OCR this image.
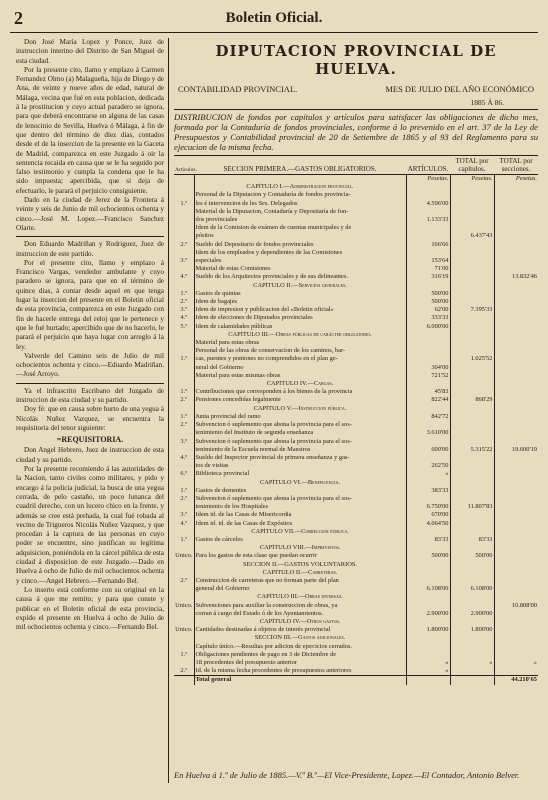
2	Boletin Oficial.

Don José María Lopez y Ponce, Juez de instruccion interino del Distrito de San Miguel de esta ciudad.

Por la presente cito, llamo y emplazo á Carmen Fernandez Olmo (a) Malagueña, hija de Diego y de Ana, de veinte y nueve años de edad, natural de Málaga, vecina que fué en esta poblacion, dedicada á la prostitucion y cuyo actual paradero se ignora, para que deberá encontrarse en alguna de las casas de lenocinio de Sevilla, Huelva ó Málaga, á fin de que dentro del término de diez dias, contados desde el de la insercion de la presente en la Gaceta de Madrid, comparezca en este Juzgado á oir la sentencia recaida en causa que se le ha seguido por falso testimonio y cumpla la condena que le ha sido impuesta; apercibida, que si deja de efectuarlo, le parará el perjuicio consiguiente.

Dado en la ciudad de Jerez de la Frontera á veinte y seis de Junio de mil ochocientos ochenta y cinco.—José M. Lopez.—Francisco Sanchez Olarte.

Don Eduardo Madriñan y Rodriguez, Juez de instruccion de este partido.

Por el presente cito, llamo y emplazo á Francisco Vargas, vendedor ambulante y cuyo paradero se ignora, para que en el término de quince dias, á contar desde aquel en que tenga lugar la insercion del presente en el Boletin oficial de esta provincia, comparezca en este Juzgado con fin de hacerle entrega del reloj que le pertenece y que le fué hurtado; apercibido que de no hacerlo, le parará el perjuicio que haya lugar con arreglo á la ley.

Valverde del Camino seis de Julio de mil ochocientos ochenta y cinco.—Eduardo Madriñan.—José Arroyo.

Ya el infrascrito Escribano del Juzgado de instruccion de esta ciudad y su partido.

Doy fé: que en causa sobre hurto de una yegua á Nicolás Nuñez Vazquez, se encuentra la requisitoria del tenor siguiente:

=REQUISITORIA.

Don Angel Hebrero, Juez de instruccion de esta ciudad y su partido.

Por la presente recomiendo á las autoridades de la Nacion, tanto civiles como militares, y pido y encargo á la policía judicial, la busca de una yegua cerrada, de pelo castaño, un poco lunanca del cuadril derecho, con un lucero chico en la frente, y además se cree está prehada, la cual fué robada al vecino de Trigueros Nicolás Nuñez Vazquez, y que procedan á la captura de las personas en cuyo poder se encuentre, sino justifican su legítima adquisicion, poniéndola en la cárcel pública de esta ciudad á disposicion de este Juzgado.—Dado en Huelva á ocho de Julio de mil ochocientos ochenta y cinco.—Angel Hebrero.—Fernando Bel.

Lo inserto está conforme con su original en la causa á que me remito; y para que conste y publicar en el Boletin oficial de esta provincia, expido el presente en Huelva á ocho de Julio de mil ochocientos ochenta y cinco.—Fernando Bel.

DIPUTACION PROVINCIAL DE HUELVA.
CONTABILIDAD PROVINCIAL.	MES DE JULIO DEL AÑO ECONÓMICO
1885 Á 86.
DISTRIBUCION de fondos por capítulos y artículos para satisfacer las obligaciones de dicho mes, formada por la Contaduría de fondos provinciales, conforme á lo prevenido en el art. 37 de la Ley de Presupuestos y Contabilidad provincial de 20 de Setiembre de 1865 y al 93 del Reglamento para su ejecucion de la misma fecha.
Artículos.	SECCION PRIMERA.—GASTOS OBLIGATORIOS.	ARTÍCULOS.	TOTAL por capítulos.	TOTAL por secciones.
		Pesetas.	Pesetas.	Pesetas.
	CAPÍTULO I.—Administracion provincial.			
	Personal de la Diputacion y Contaduría de fondos provincia-			
1.º	les é intervencion de les Ses. Delegados	4.596'00		
	Material de la Diputacion, Contaduría y Depositaría de fon-			
	dos provinciales	1.133'33		
	Idem de la Comision de exámen de cuentas municipales y de			
	pósitos		6.437'43	
2.º	Sueldo del Depositario de fondos provinciales	166'66		
	Idem de los empleados y dependientes de las Comisiones			
3.º	especiales	153'64		
	Material de estas Comisiones	71'00		
4.º	Sueldo de los Arquitectos provinciales y de sus delineantes.	316'19		13.832'46
	CAPÍTULO II.—Servicios generales.			
1.º	Gastos de quintas	500'00		
2.º	Idem de bagajes	500'00		
3.º	Idem de impresion y publicacion del «Boletin oficial»	62'00	7.395'33	
4.º	Idem de elecciones de Diputados provinciales	333'33		
5.º	Idem de calamidades públicas	6.000'00		
	CAPÍTULO III.—Obras públicas de carácter obligatorio.			
	Material para estas obras			
	Personal de las obras de conservacion de los caminos, bar-			
1.º	cas, puentes y pontones no comprendidos en el plan ge-		1.025'52	
	neral del Gobierno	304'00		
	Material para estas mismas obras	721'52		
	CAPÍTULO IV.—Cargas.			
1.º	Contribuciones que corresponden á los bienes de la provincia	45'83		
2.º	Pensiones concedidas legalmente	822'44	868'29	
	CAPÍTULO V.—Instruccion pública.			
1.º	Junta provincial del ramo	842'72		
2.º	Subvencion ó suplemento que abona la provincia para el sos-			
	tenimiento del Instituto de segunda enseñanza	3.610'00		
3.º	Subvencion ó suplemento que abona la provincia para el sos-			
	tenimiento de la Escuela normal de Maestros	600'00	5.315'22	19.600'19
4.º	Sueldo del Inspector provincial de primera enseñanza y gas-			
	tos de visitas	262'50		
6.º	Biblioteca provincial	»		
	CAPÍTULO VI.—Beneficencia.			
1.º	Gastos de dementes	383'33		
2.º	Subvencion ó suplemento que abona la provincia para el sos-			
	tenimiento de los Hospitales	6.750'00	11.807'83	
3.º	Idem id. de las Casas de Misericordia	670'00		
4.º	Idem id. id. de las Casas de Expósitos	4.064'50		
	CAPÍTULO VII.—Corrеccion pública.			
1.º	Gastos de cárceles	83'33	83'33	
	CAPÍTULO VIII.—Imprevistos.			
Unico.	Para los gastos de esta clase que puedan ocurrir	500'00	500'00	
	SECCION II.—GASTOS VOLUNTARIOS.			
	CAPÍTULO II.—Carreteras.			
2.º	Construccion de carreteras que no forman parte del plan			
	general del Gobierno	6.108'00	6.108'00	
	CAPÍTULO III.—Obras diversas.			
Unico.	Subvenciones para auxiliar la construccion de obras, ya			10.808'00
	corran á cargo del Estado ó de los Ayuntamientos.	2.900'00	2.900'00	
	CAPÍTULO IV.—Otros gastos.			
Unico.	Cantidades destinadas á objetos de interés provincial	1.800'00	1.800'00	
	SECCION III.—Gastos adicionales.			
	Capítulo único.—Resultas por adicion de ejercicios cerrados.			
1.º	Obligaciones pendientes de pago en 3 de Diciembre de			
	18 procedentes del presupuesto anterior	»	»	»
2.º	Id. de la misma fecha procedentes de presupuestos anteriores	»		
	Total general			44.210'65
En Huelva á 1.º de Julio de 1885.—V.º B.º—El Vice-Presidente, Lopez.—El Contador, Antonio Belver.
